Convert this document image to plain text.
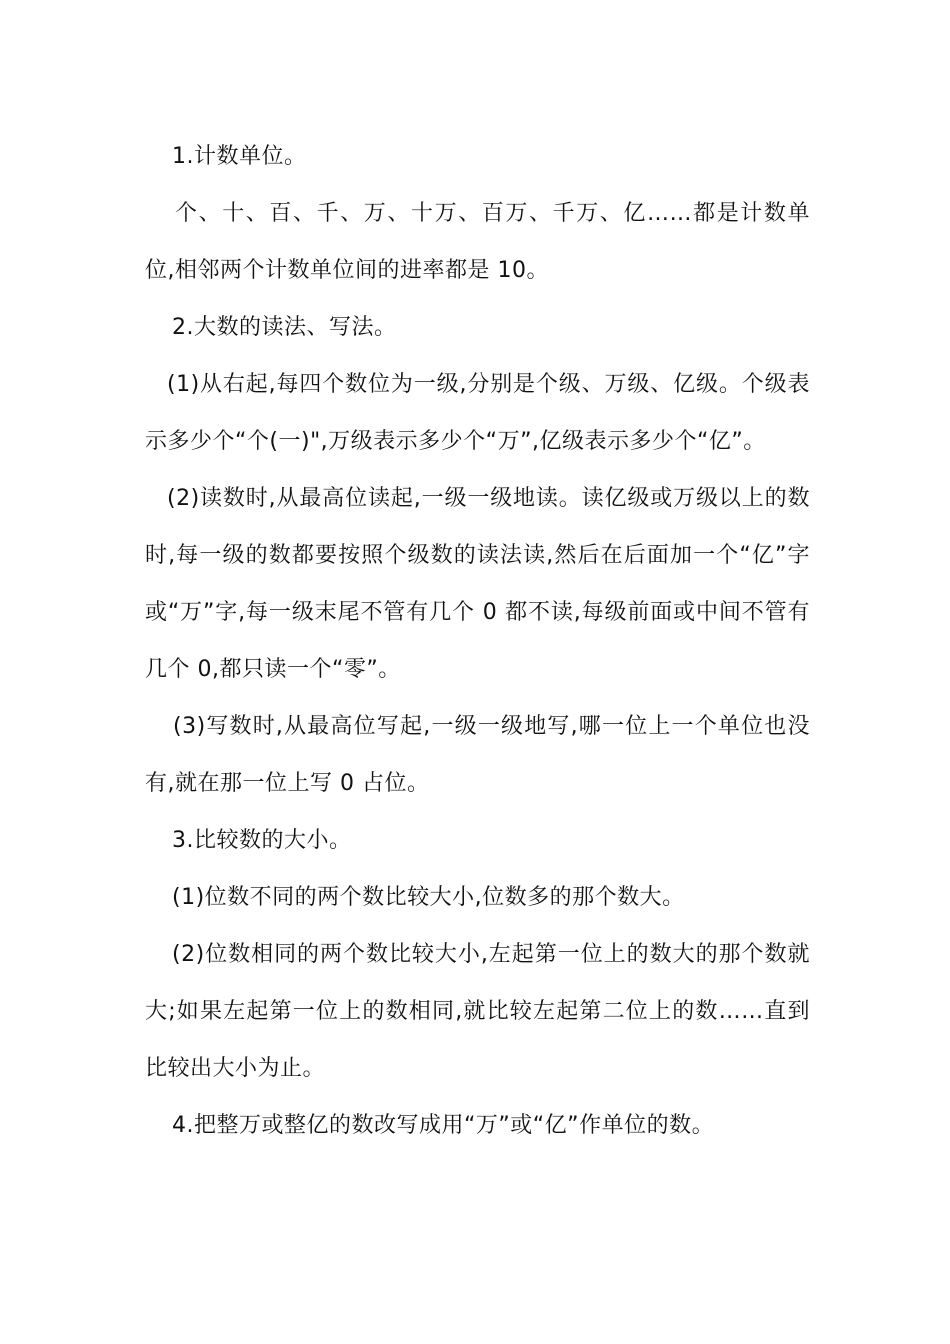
1.计数单位。

个、十、百、千、万、十万、百万、千万、亿……都是计数单位,相邻两个计数单位间的进率都是 10。

2.大数的读法、写法。

(1)从右起,每四个数位为一级,分别是个级、万级、亿级。个级表示多少个“个(一)",万级表示多少个“万”,亿级表示多少个“亿”。

(2)读数时,从最高位读起,一级一级地读。读亿级或万级以上的数时,每一级的数都要按照个级数的读法读,然后在后面加一个“亿”字或“万”字,每一级末尾不管有几个 0 都不读,每级前面或中间不管有几个 0,都只读一个“零”。

(3)写数时,从最高位写起,一级一级地写,哪一位上一个单位也没有,就在那一位上写 0 占位。

3.比较数的大小。

(1)位数不同的两个数比较大小,位数多的那个数大。

(2)位数相同的两个数比较大小,左起第一位上的数大的那个数就大;如果左起第一位上的数相同,就比较左起第二位上的数……直到比较出大小为止。

4.把整万或整亿的数改写成用“万”或“亿”作单位的数。
